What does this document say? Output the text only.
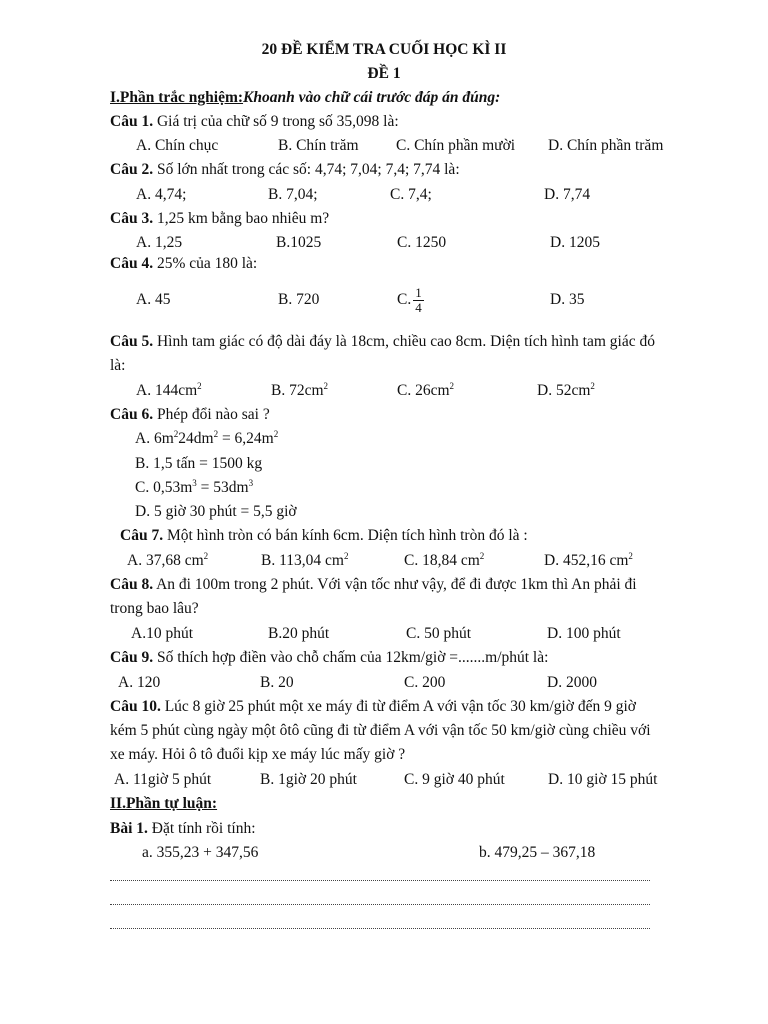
20 ĐỀ KIỂM TRA CUỐI HỌC KÌ II
ĐỀ 1
I.Phần trắc nghiệm:Khoanh vào chữ cái trước đáp án đúng:
Câu 1. Giá trị của chữ số 9 trong số 35,098 là:
A. Chín chục	B. Chín trăm C. Chín phần mười D. Chín phần trăm
Câu 2. Số lớn nhất trong các số: 4,74; 7,04; 7,4; 7,74 là:
A. 4,74;	B. 7,04;	C. 7,4;	D. 7,74
Câu 3. 1,25 km bằng bao nhiêu m?
A. 1,25	B.1025	C. 1250	D. 1205
Câu 4. 25% của 180 là:
A. 45	B. 720	C. $\frac{1}{4}$	D. 35
Câu 5. Hình tam giác có độ dài đáy là 18cm, chiều cao 8cm. Diện tích hình tam giác đó
là:
A. $144cm^2$	B. $72cm^2$	C. $26cm^2$	D. $52cm^2$
Câu 6. Phép đổi nào sai ?
A. $6m^224dm^2 = 6,24m^2$
B. 1,5 tấn = 1500 kg
C. $0,53m^3 = 53dm^3$
D. 5 giờ 30 phút = 5,5 giờ
Câu 7. Một hình tròn có bán kính 6cm. Diện tích hình tròn đó là :
A. 37,68 $cm^2$	B. 113,04 $cm^2$	C. 18,84 $cm^2$	D. 452,16 $cm^2$
Câu 8. An đi 100m trong 2 phút. Với vận tốc như vậy, để đi được 1km thì An phải đi
trong bao lâu?
A.10 phút	B.20 phút	C. 50 phút	D. 100 phút
Câu 9. Số thích hợp điền vào chỗ chấm của 12km/giờ =.......m/phút là:
A. 120	B. 20	C. 200	D. 2000
Câu 10. Lúc 8 giờ 25 phút một xe máy đi từ điểm A với vận tốc 30 km/giờ đến 9 giờ
kém 5 phút cùng ngày một ôtô cũng đi từ điểm A với vận tốc 50 km/giờ cùng chiều với
xe máy. Hỏi ô tô đuổi kịp xe máy lúc mấy giờ ?
A. 11giờ 5 phút	B. 1giờ 20 phút	C. 9 giờ 40 phút	D. 10 giờ 15 phút
II.Phần tự luận:
Bài 1. Đặt tính rồi tính:
a. 355,23 + 347,56	b. 479,25 – 367,18
